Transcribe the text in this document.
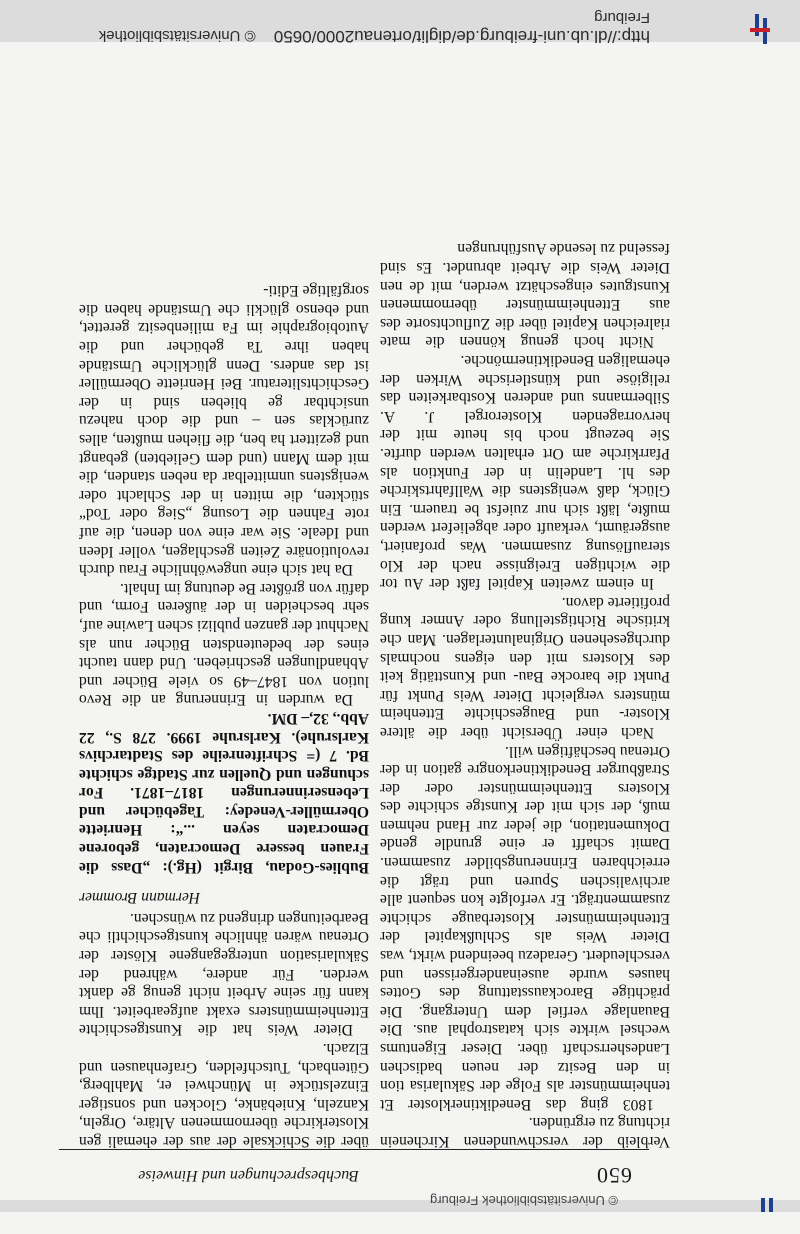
650
Buchbesprechungen und Hinweise

Verbleib der verschwundenen Kirchenein richtung zu ergründen.

1803 ging das Benediktinerkloster Et tenheimmünster als Folge der Säkularisa tion in den Besitz der neuen badischen Landesherrschaft über. Dieser Eigentums wechsel wirkte sich katastrophal aus. Die Bauanlage verfiel dem Untergang. Die prächtige Barockausstattung des Gottes hauses wurde auseinandergerissen und verschleudert. Geradezu beeindend wirkt, was Dieter Weis als Schlußkapitel der Ettenheimmünster Klosterbauge schichte zusammenträgt. Er verfolgte kon sequent alle archivalischen Spuren und trägt die erreichbaren Erinnerungsbilder zusammen. Damit schafft er eine grundle gende Dokumentation, die jeder zur Hand nehmen muß, der sich mit der Kunstge schichte des Klosters Ettenheimmünster oder der Straßburger Benediktinerkongre gation in der Ortenau beschäftigen will.

Nach einer Übersicht über die ältere Kloster- und Baugeschichte Ettenheim münsters vergleicht Dieter Weis Punkt für Punkt die barocke Bau- und Kunsttätig keit des Klosters mit den eigens nochmals durchgesehenen Originalunterlagen. Man che kritische Richtigstellung oder Anmer kung profitierte davon.

In einem zweiten Kapitel faßt der Au tor die wichtigen Ereignisse nach der Klo sterauflösung zusammen. Was profaniert, ausgeräumt, verkauft oder abgeliefert werden mußte, läßt sich nur zuiefst be trauern. Ein Glück, daß wenigstens die Wallfahrtskirche des hl. Landelin in der Funktion als Pfarrkirche am Ort erhalten werden durfte. Sie bezeugt noch bis heute mit der hervorragenden Klosterorgel J. A. Silbermanns und anderen Kostbarkeiten das religiöse und künstlerische Wirken der ehemaligen Benediktinermönche.

Nicht hoch genug können die mate rialreichen Kapitel über die Zufluchtsorte des aus Ettenheimmünster übernommenen Kunstgutes eingeschätzt werden, mit de nen Dieter Weis die Arbeit abrundet. Es sind fesselnd zu lesende Ausführungen

über die Schicksale der aus der ehemali gen Klosterkirche übernommenen Altäre, Orgeln, Kanzeln, Kniebänke, Glocken und sonstiger Einzelstücke in Münchwei er, Mahlberg, Gütenbach, Tutschfelden, Grafenhausen und Elzach.

Dieter Weis hat die Kunstgeschichte Ettenheimmünsters exakt aufgearbeitet. Ihm kann für seine Arbeit nicht genug ge dankt werden. Für andere, während der Säkularisation untergegangene Klöster der Ortenau wären ähnliche kunstgeschichtli che Bearbeitungen dringend zu wünschen.

Hermann Brommer

Bublies-Godau, Birgit (Hg.): „Dass die Frauen bessere Democraten, geborene Democraten seyen ...“: Henriette Obermüller-Venedey: Tagebücher und Lebenserinnerungen 1817–1871. For schungen und Quellen zur Stadtge schichte Bd. 7 (= Schriftenreihe des Stadtarchivs Karlsruhe). Karlsruhe 1999. 278 S., 22 Abb., 32,– DM.

Da wurden in Erinnerung an die Revo lution von 1847–49 so viele Bücher und Abhandlungen geschrieben. Und dann taucht eines der bedeutendsten Bücher nun als Nachhut der ganzen publizi schen Lawine auf, sehr bescheiden in der äußeren Form, und dafür von größter Be deutung im Inhalt.

Da hat sich eine ungewöhnliche Frau durch revolutionäre Zeiten geschlagen, voller Ideen und Ideale. Sie war eine von denen, die auf rote Fahnen die Losung „Sieg oder Tod“ stückten, die mitten in der Schlacht oder wenigstens unmittelbar da neben standen, die mit dem Mann (und dem Geliebten) gebangt und gezittert ha ben, die fliehen mußten, alles zurücklas sen – und die doch nahezu unsichtbar ge blieben sind in der Geschichtsliteratur. Bei Henriette Obermüller ist das anders. Denn glückliche Umstände haben ihre Ta gebücher und die Autobiographie im Fa milienbesitz gerettet, und ebenso glückli che Umstände haben die sorgfältige Editi-

http://dl.ub.uni-freiburg.de/diglit/ortenau2000/0650 © Universitätsbibliothek Freiburg
© Universitätsbibliothek Freiburg
